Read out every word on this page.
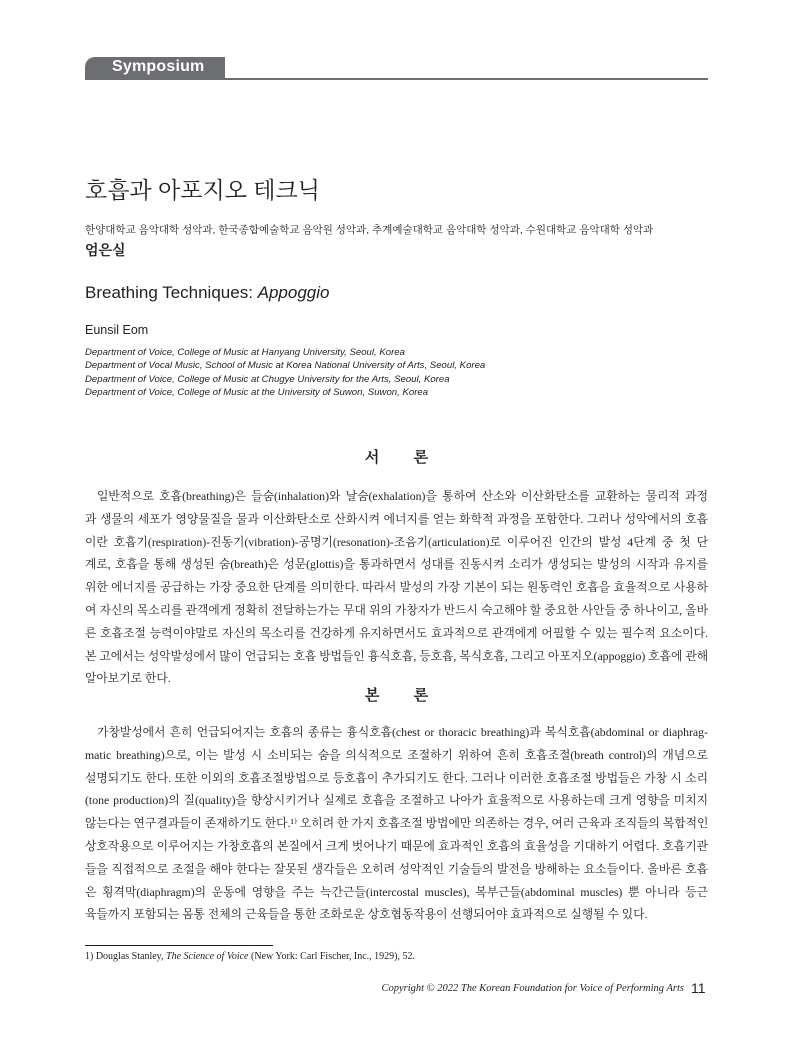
Symposium
호흡과 아포지오 테크닉
한양대학교 음악대학 성악과, 한국종합예술학교 음악원 성악과, 추계예술대학교 음악대학 성악과, 수원대학교 음악대학 성악과
엄은실
Breathing Techniques: Appoggio
Eunsil Eom
Department of Voice, College of Music at Hanyang University, Seoul, Korea
Department of Vocal Music, School of Music at Korea National University of Arts, Seoul, Korea
Department of Voice, College of Music at Chugye University for the Arts, Seoul, Korea
Department of Voice, College of Music at the University of Suwon, Suwon, Korea
서 론
일반적으로 호흡(breathing)은 들숨(inhalation)와 날숨(exhalation)을 통하여 산소와 이산화탄소를 교환하는 물리적 과정
과 생물의 세포가 영양물질을 물과 이산화탄소로 산화시켜 에너지를 얻는 화학적 과정을 포함한다. 그러나 성악에서의 호흡
이란 호흡기(respiration)-진동기(vibration)-공명기(resonation)-조음기(articulation)로 이루어진 인간의 발성 4단계 중 첫 단
계로, 호흡을 통해 생성된 숨(breath)은 성문(glottis)을 통과하면서 성대를 진동시켜 소리가 생성되는 발성의 시작과 유지를
위한 에너지를 공급하는 가장 중요한 단계를 의미한다. 따라서 발성의 가장 기본이 되는 원동력인 호흡을 효율적으로 사용하
여 자신의 목소리를 관객에게 정확히 전달하는가는 무대 위의 가창자가 반드시 숙고해야 할 중요한 사안들 중 하나이고, 올바
른 호흡조절 능력이야말로 자신의 목소리를 건강하게 유지하면서도 효과적으로 관객에게 어필할 수 있는 필수적 요소이다.
본 고에서는 성악발성에서 많이 언급되는 호흡 방법들인 흉식호흡, 등호흡, 복식호흡, 그리고 아포지오(appoggio) 호흡에 관해
알아보기로 한다.
본 론
가창발성에서 흔히 언급되어지는 호흡의 종류는 흉식호흡(chest or thoracic breathing)과 복식호흡(abdominal or diaphrag-
matic breathing)으로, 이는 발성 시 소비되는 숨을 의식적으로 조절하기 위하여 흔히 호흡조절(breath control)의 개념으로
설명되기도 한다. 또한 이외의 호흡조절방법으로 등호흡이 추가되기도 한다. 그러나 이러한 호흡조절 방법들은 가창 시 소리
(tone production)의 질(quality)을 향상시키거나 실제로 호흡을 조절하고 나아가 효율적으로 사용하는데 크게 영향을 미치지
않는다는 연구결과들이 존재하기도 한다.¹⁾ 오히려 한 가지 호흡조절 방법에만 의존하는 경우, 여러 근육과 조직들의 복합적인
상호작용으로 이루어지는 가창호흡의 본질에서 크게 벗어나기 때문에 효과적인 호흡의 효율성을 기대하기 어렵다. 호흡기관
들을 직접적으로 조절을 해야 한다는 잘못된 생각들은 오히려 성악적인 기술들의 발전을 방해하는 요소들이다. 올바른 호흡
은 횡격막(diaphragm)의 운동에 영향을 주는 늑간근들(intercostal muscles), 복부근들(abdominal muscles) 뿐 아니라 등근
육들까지 포함되는 몸통 전체의 근육들을 통한 조화로운 상호협동작용이 선행되어야 효과적으로 실행될 수 있다.
1) Douglas Stanley, The Science of Voice (New York: Carl Fischer, Inc., 1929), 52.
Copyright © 2022 The Korean Foundation for Voice of Performing Arts 11
